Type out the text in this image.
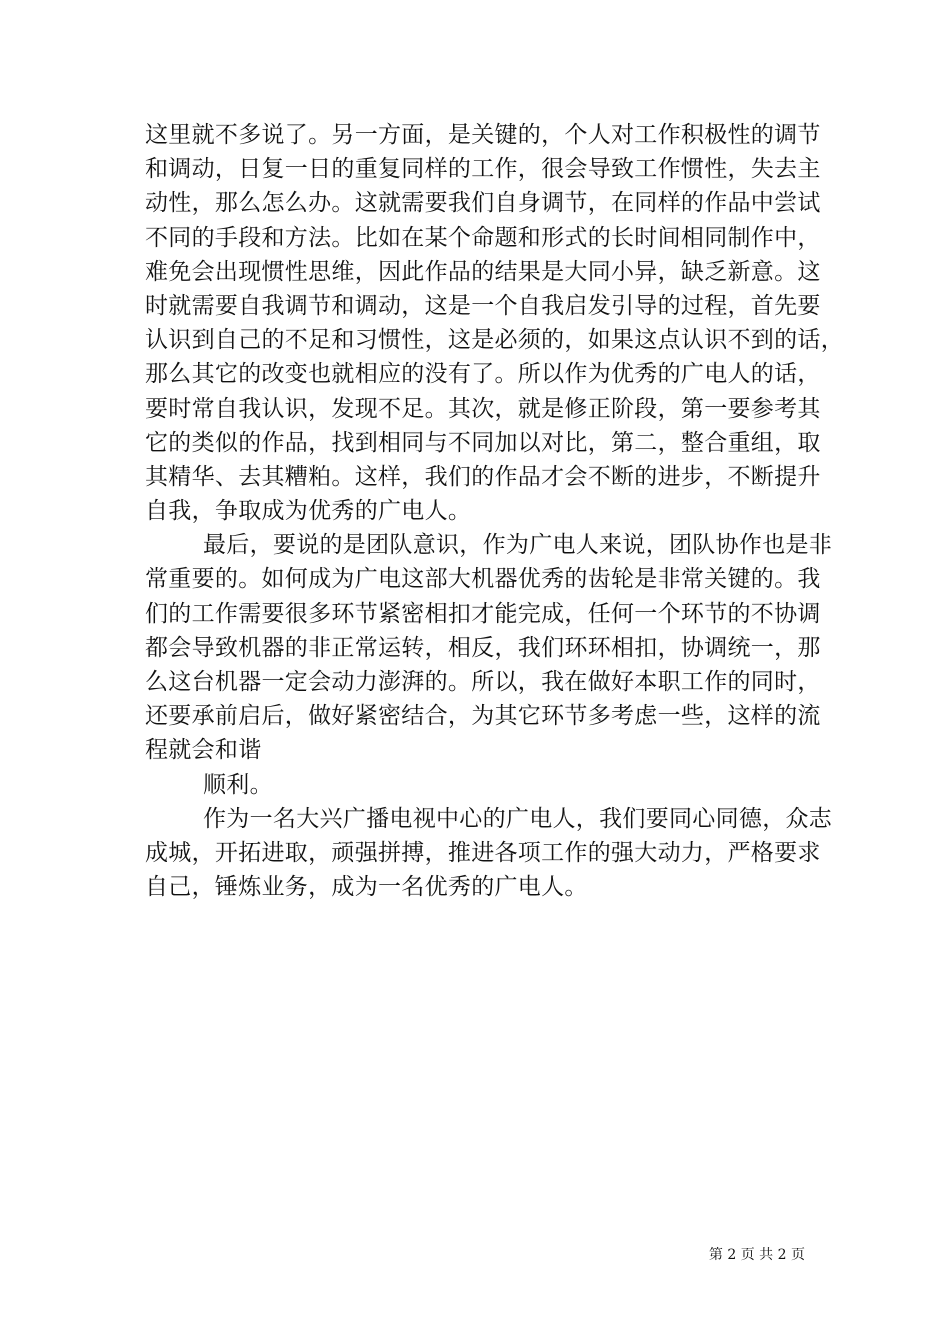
这里就不多说了。另一方面，是关键的，个人对工作积极性的调节
和调动，日复一日的重复同样的工作，很会导致工作惯性，失去主
动性，那么怎么办。这就需要我们自身调节，在同样的作品中尝试
不同的手段和方法。比如在某个命题和形式的长时间相同制作中，
难免会出现惯性思维，因此作品的结果是大同小异，缺乏新意。这
时就需要自我调节和调动，这是一个自我启发引导的过程，首先要
认识到自己的不足和习惯性，这是必须的，如果这点认识不到的话，
那么其它的改变也就相应的没有了。所以作为优秀的广电人的话，
要时常自我认识，发现不足。其次，就是修正阶段，第一要参考其
它的类似的作品，找到相同与不同加以对比，第二，整合重组，取
其精华、去其糟粕。这样，我们的作品才会不断的进步，不断提升
自我，争取成为优秀的广电人。
最后，要说的是团队意识，作为广电人来说，团队协作也是非
常重要的。如何成为广电这部大机器优秀的齿轮是非常关键的。我
们的工作需要很多环节紧密相扣才能完成，任何一个环节的不协调
都会导致机器的非正常运转，相反，我们环环相扣，协调统一，那
么这台机器一定会动力澎湃的。所以，我在做好本职工作的同时，
还要承前启后，做好紧密结合，为其它环节多考虑一些，这样的流
程就会和谐
顺利。
作为一名大兴广播电视中心的广电人，我们要同心同德，众志
成城，开拓进取，顽强拼搏，推进各项工作的强大动力，严格要求
自己，锤炼业务，成为一名优秀的广电人。
第 2 页 共 2 页
